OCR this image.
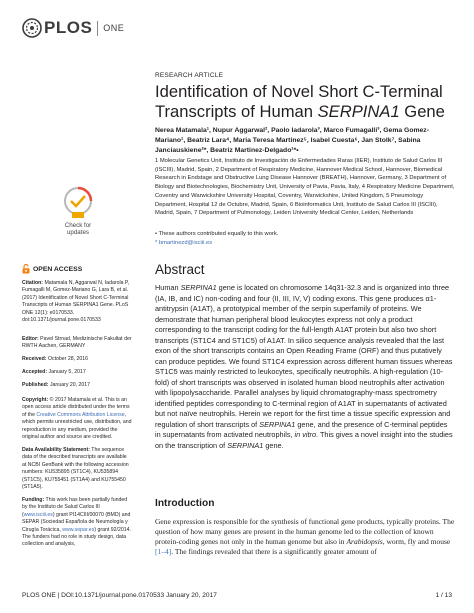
PLOS ONE
RESEARCH ARTICLE
Identification of Novel Short C-Terminal Transcripts of Human SERPINA1 Gene
Nerea Matamala¹, Nupur Aggarwal², Paolo Iadarola³, Marco Fumagalli³, Gema Gomez-Mariano¹, Beatriz Lara⁴, Maria Teresa Martinez⁵, Isabel Cuesta⁶, Jan Stolk⁷, Sabina Janciauskiene²*, Beatriz Martinez-Delgado¹*•
1 Molecular Genetics Unit, Instituto de Investigación de Enfermedades Raras (IIER), Instituto de Salud Carlos III (ISCIII), Madrid, Spain, 2 Department of Respiratory Medicine, Hannover Medical School, Hannover, Biomedical Research in Endstage and Obstructive Lung Disease Hannover (BREATH), Hannover, Germany, 3 Department of Biology and Biotechnologies, Biochemistry Unit, University of Pavia, Pavia, Italy, 4 Respiratory Medicine Department, Coventry and Warwickshire University Hospital, Coventry, Warwickshire, United Kingdom, 5 Pneumology Department, Hospital 12 de Octubre, Madrid, Spain, 6 Bioinformatics Unit, Instituto de Salud Carlos III (ISCIII), Madrid, Spain, 7 Department of Pulmonology, Leiden University Medical Center, Leiden, Netherlands
• These authors contributed equally to this work.
* bmartinezd@isciii.es
Check for updates
OPEN ACCESS
Citation: Matamala N, Aggarwal N, Iadarola P, Fumagalli M, Gomez-Mariano G, Lara B, et al. (2017) Identification of Novel Short C-Terminal Transcripts of Human SERPINA1 Gene. PLoS ONE 12(1): e0170533. doi:10.1371/journal.pone.0170533
Editor: Pavel Strnad, Medizinische Fakultat der RWTH Aachen, GERMANY
Received: October 28, 2016
Accepted: January 5, 2017
Published: January 20, 2017
Copyright: © 2017 Matamala et al. This is an open access article distributed under the terms of the Creative Commons Attribution License, which permits unrestricted use, distribution, and reproduction in any medium, provided the original author and source are credited.
Data Availability Statement: The sequence data of the described transcripts are available at NCBI GenBank with the following accession numbers: KU535895 (ST1C4), KU535894 (ST1C5), KU755451 (ST1A4) and KU755450 (ST1A5).
Funding: This work has been partially funded by the Instituto de Salud Carlos III (www.isciii.es) grant PI14CIII/00070 (BMD) and SEPAR (Sociedad Española de Neumología y Cirugía Torácica, www.separ.es) grant 92/2014. The funders had no role in study design, data collection and analysis,
Abstract
Human SERPINA1 gene is located on chromosome 14q31-32.3 and is organized into three (IA, IB, and IC) non-coding and four (II, III, IV, V) coding exons. This gene produces α1-antitrypsin (A1AT), a prototypical member of the serpin superfamily of proteins. We demonstrate that human peripheral blood leukocytes express not only a product corresponding to the transcript coding for the full-length A1AT protein but also two short transcripts (ST1C4 and ST1C5) of A1AT. In silico sequence analysis revealed that the last exon of the short transcripts contains an Open Reading Frame (ORF) and thus putatively can produce peptides. We found ST1C4 expression across different human tissues whereas ST1C5 was mainly restricted to leukocytes, specifically neutrophils. A high-regulation (10-fold) of short transcripts was observed in isolated human blood neutrophils after activation with lipopolysaccharide. Parallel analyses by liquid chromatography-mass spectrometry identified peptides corresponding to C-terminal region of A1AT in supernatants of activated but not naïve neutrophils. Herein we report for the first time a tissue specific expression and regulation of short transcripts of SERPINA1 gene, and the presence of C-terminal peptides in supernatants from activated neutrophils, in vitro. This gives a novel insight into the studies on the transcription of SERPINA1 gene.
Introduction
Gene expression is responsible for the synthesis of functional gene products, typically proteins. The question of how many genes are present in the human genome led to the collection of known protein-coding genes not only in the human genome but also in Arabidopsis, worm, fly and mouse [1–4]. The findings revealed that there is a significantly greater amount of
PLOS ONE | DOI:10.1371/journal.pone.0170533 January 20, 2017	1 / 13
